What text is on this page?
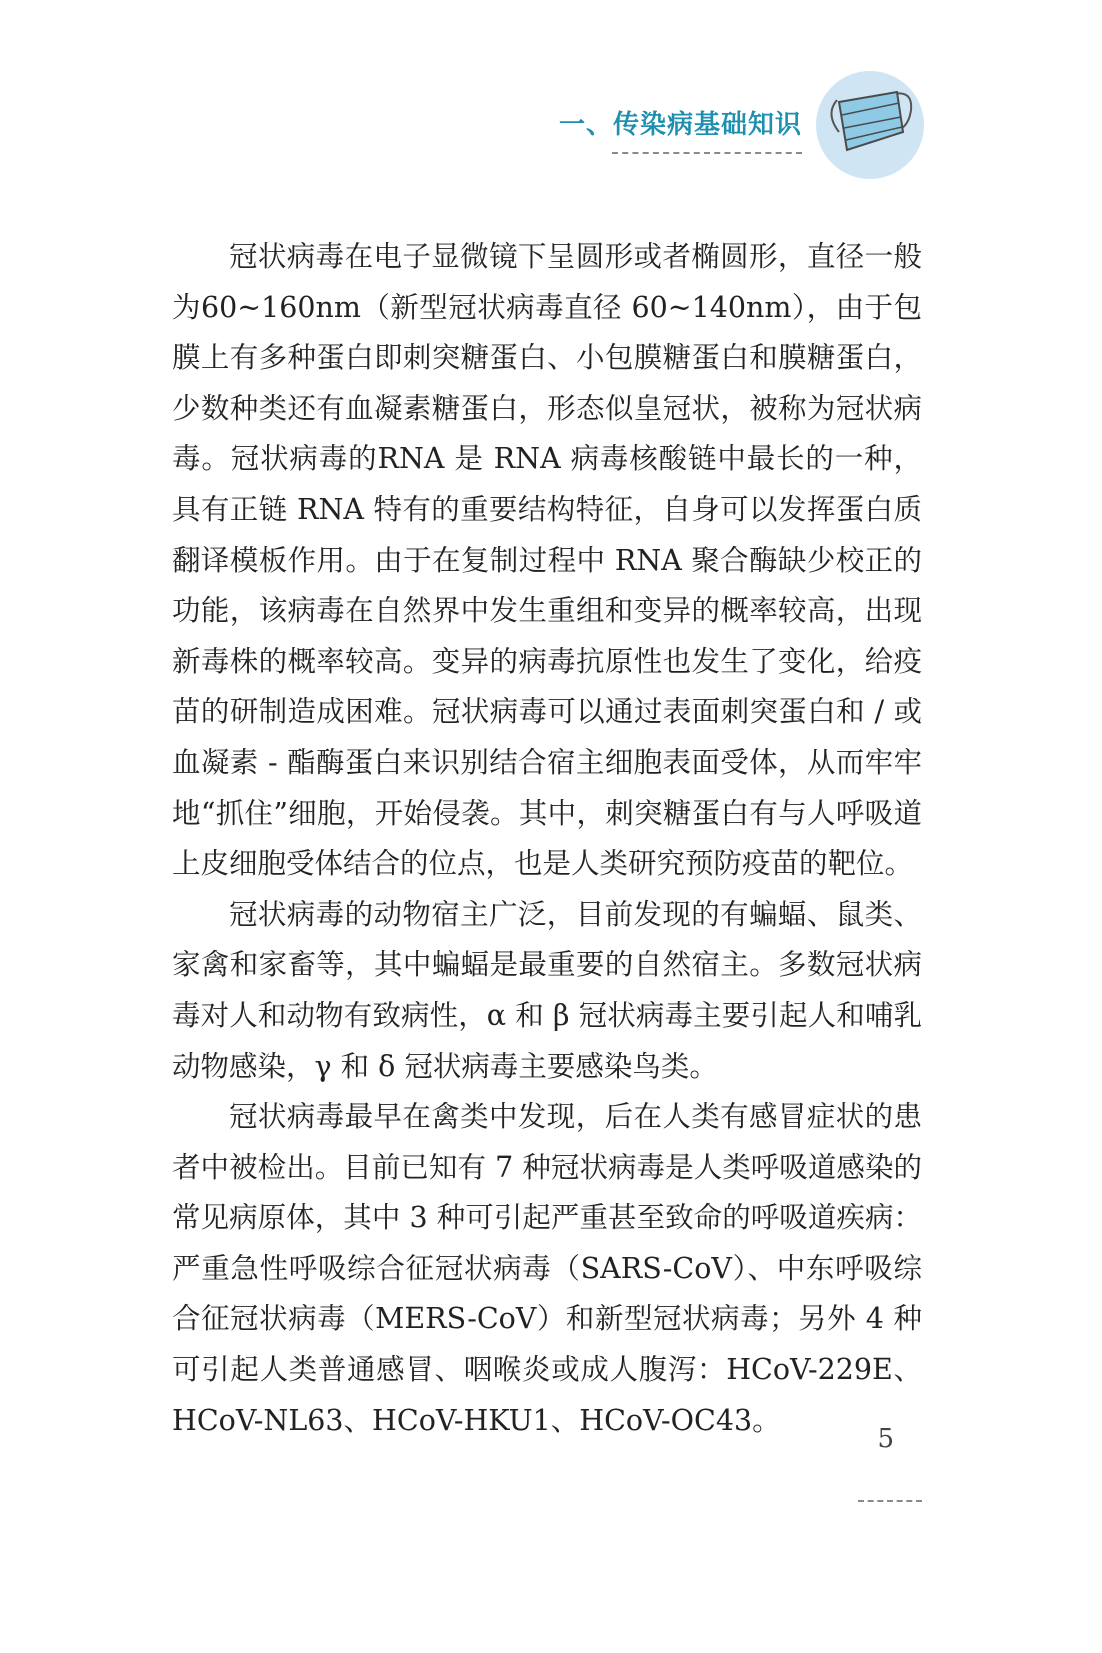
一、传染病基础知识

冠状病毒在电子显微镜下呈圆形或者椭圆形，直径一般为60~160nm（新型冠状病毒直径 60~140nm），由于包膜上有多种蛋白即刺突糖蛋白、小包膜糖蛋白和膜糖蛋白，少数种类还有血凝素糖蛋白，形态似皇冠状，被称为冠状病毒。冠状病毒的RNA 是 RNA 病毒核酸链中最长的一种，具有正链 RNA 特有的重要结构特征，自身可以发挥蛋白质翻译模板作用。由于在复制过程中 RNA 聚合酶缺少校正的功能，该病毒在自然界中发生重组和变异的概率较高，出现新毒株的概率较高。变异的病毒抗原性也发生了变化，给疫苗的研制造成困难。冠状病毒可以通过表面刺突蛋白和 / 或血凝素 - 酯酶蛋白来识别结合宿主细胞表面受体，从而牢牢地“抓住”细胞，开始侵袭。其中，刺突糖蛋白有与人呼吸道上皮细胞受体结合的位点，也是人类研究预防疫苗的靶位。

冠状病毒的动物宿主广泛，目前发现的有蝙蝠、鼠类、家禽和家畜等，其中蝙蝠是最重要的自然宿主。多数冠状病毒对人和动物有致病性，α 和 β 冠状病毒主要引起人和哺乳动物感染，γ 和 δ 冠状病毒主要感染鸟类。

冠状病毒最早在禽类中发现，后在人类有感冒症状的患者中被检出。目前已知有 7 种冠状病毒是人类呼吸道感染的常见病原体，其中 3 种可引起严重甚至致命的呼吸道疾病：严重急性呼吸综合征冠状病毒（SARS-CoV）、中东呼吸综合征冠状病毒（MERS-CoV）和新型冠状病毒；另外 4 种可引起人类普通感冒、咽喉炎或成人腹泻：HCoV-229E、HCoV-NL63、HCoV-HKU1、HCoV-OC43。

5
